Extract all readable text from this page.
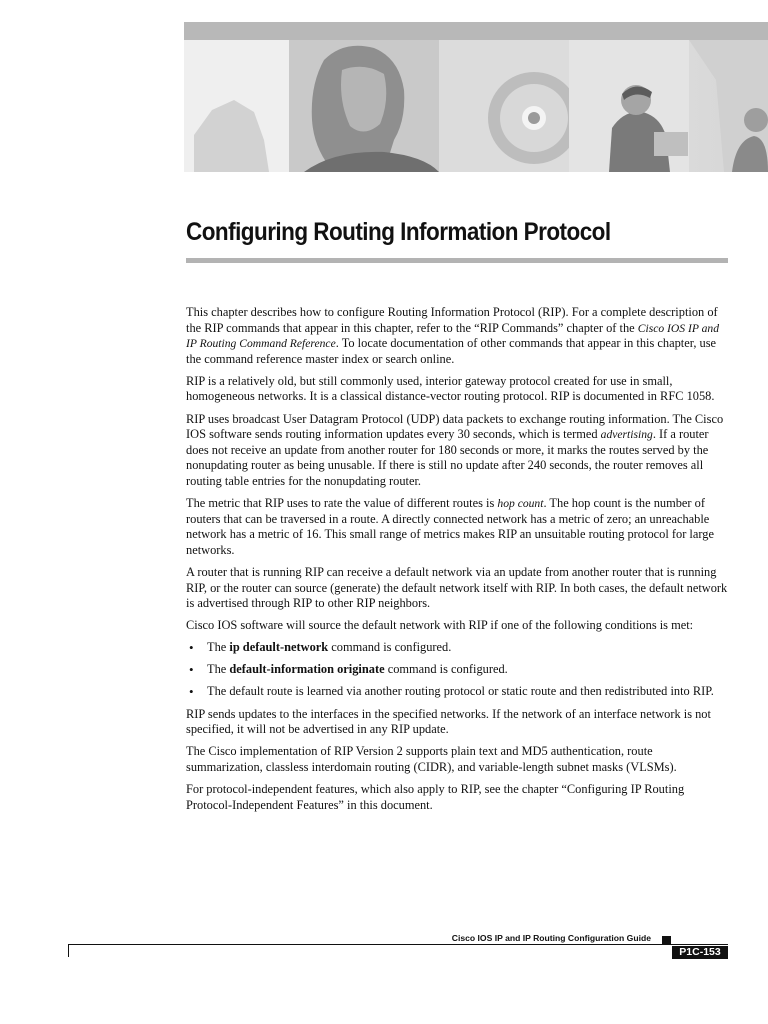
Configuring Routing Information Protocol

This chapter describes how to configure Routing Information Protocol (RIP). For a complete description of the RIP commands that appear in this chapter, refer to the “RIP Commands” chapter of the Cisco IOS IP and IP Routing Command Reference. To locate documentation of other commands that appear in this chapter, use the command reference master index or search online.

RIP is a relatively old, but still commonly used, interior gateway protocol created for use in small, homogeneous networks. It is a classical distance-vector routing protocol. RIP is documented in RFC 1058.

RIP uses broadcast User Datagram Protocol (UDP) data packets to exchange routing information. The Cisco IOS software sends routing information updates every 30 seconds, which is termed advertising. If a router does not receive an update from another router for 180 seconds or more, it marks the routes served by the nonupdating router as being unusable. If there is still no update after 240 seconds, the router removes all routing table entries for the nonupdating router.

The metric that RIP uses to rate the value of different routes is hop count. The hop count is the number of routers that can be traversed in a route. A directly connected network has a metric of zero; an unreachable network has a metric of 16. This small range of metrics makes RIP an unsuitable routing protocol for large networks.

A router that is running RIP can receive a default network via an update from another router that is running RIP, or the router can source (generate) the default network itself with RIP. In both cases, the default network is advertised through RIP to other RIP neighbors.

Cisco IOS software will source the default network with RIP if one of the following conditions is met:

• The ip default-network command is configured.
• The default-information originate command is configured.
• The default route is learned via another routing protocol or static route and then redistributed into RIP.

RIP sends updates to the interfaces in the specified networks. If the network of an interface network is not specified, it will not be advertised in any RIP update.

The Cisco implementation of RIP Version 2 supports plain text and MD5 authentication, route summarization, classless interdomain routing (CIDR), and variable-length subnet masks (VLSMs).

For protocol-independent features, which also apply to RIP, see the chapter “Configuring IP Routing Protocol-Independent Features” in this document.

Cisco IOS IP and IP Routing Configuration Guide
P1C-153
